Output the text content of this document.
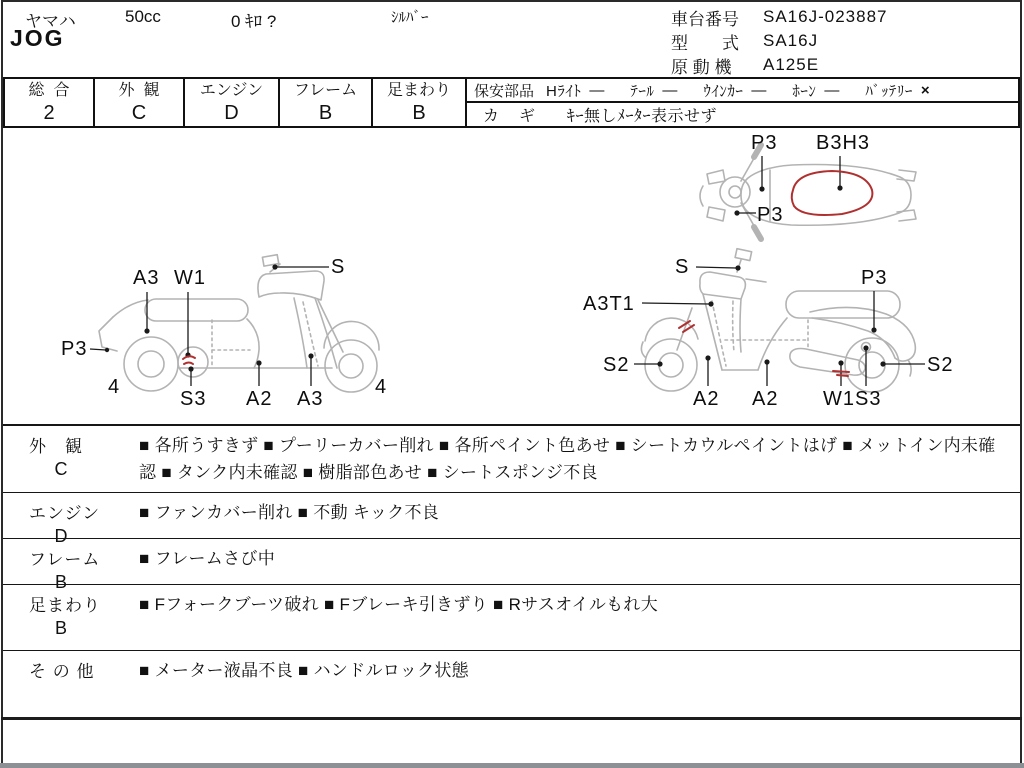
ヤマハ	50cc	0 ｷﾛ ?	ｼﾙﾊﾞｰ
JOG
車台番号	SA16J-023887
型　　式	SA16J
原 動 機	A125E
総  合
2
外  観
C
エンジン
D
フレーム
B
足まわり
B
保安部品 Hﾗｲﾄ — ﾃｰﾙ — ｳｲﾝｶｰ — ﾎｰﾝ — ﾊﾞｯﾃﾘｰ ×
カ　ギ ｷｰ無しﾒｰﾀｰ表示せず
P3 B3H3
P3
A3 W1	S
P3
4
S3 A2 A3
4
S
A3T1
P3
S2
A2 A2 W1 S3
S2
外　観
C
■ 各所うすきず ■ プーリーカバー削れ ■ 各所ペイント色あせ ■ シートカウルペイントはげ ■ メットイン内未確認 ■ タンク内未確認 ■ 樹脂部色あせ ■ シートスポンジ不良
エンジン
D
■ ファンカバー削れ ■ 不動 キック不良
フレーム
B
■ フレームさび中
足まわり
B
■ Fフォークブーツ破れ ■ Fブレーキ引きずり ■ Rサスオイルもれ大
そ の 他	■ メーター液晶不良 ■ ハンドルロック状態
